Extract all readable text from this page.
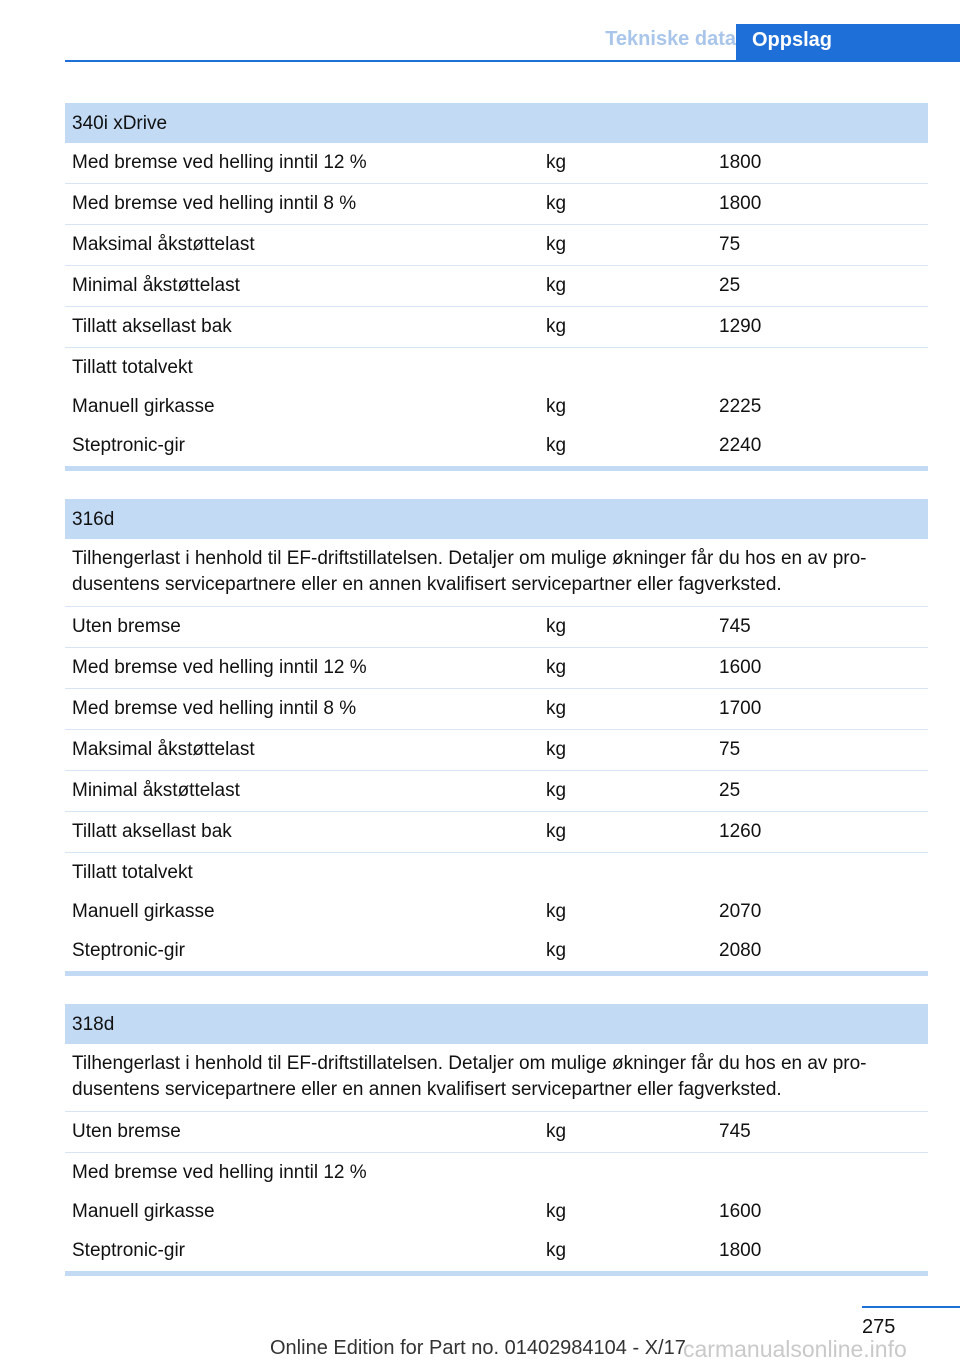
Tekniske data Oppslag
340i xDrive
Med bremse ved helling inntil 12 %	kg	1800
Med bremse ved helling inntil 8 %	kg	1800
Maksimal åkstøttelast	kg	75
Minimal åkstøttelast	kg	25
Tillatt aksellast bak	kg	1290
Tillatt totalvekt
Manuell girkasse	kg	2225
Steptronic-gir	kg	2240
316d
Tilhengerlast i henhold til EF-driftstillatelsen. Detaljer om mulige økninger får du hos en av pro-dusentens servicepartnere eller en annen kvalifisert servicepartner eller fagverksted.
Uten bremse	kg	745
Med bremse ved helling inntil 12 %	kg	1600
Med bremse ved helling inntil 8 %	kg	1700
Maksimal åkstøttelast	kg	75
Minimal åkstøttelast	kg	25
Tillatt aksellast bak	kg	1260
Tillatt totalvekt
Manuell girkasse	kg	2070
Steptronic-gir	kg	2080
318d
Tilhengerlast i henhold til EF-driftstillatelsen. Detaljer om mulige økninger får du hos en av pro-dusentens servicepartnere eller en annen kvalifisert servicepartner eller fagverksted.
Uten bremse	kg	745
Med bremse ved helling inntil 12 %
Manuell girkasse	kg	1600
Steptronic-gir	kg	1800
275
Online Edition for Part no. 01402984104 - X/17
carmanualsonline.info
